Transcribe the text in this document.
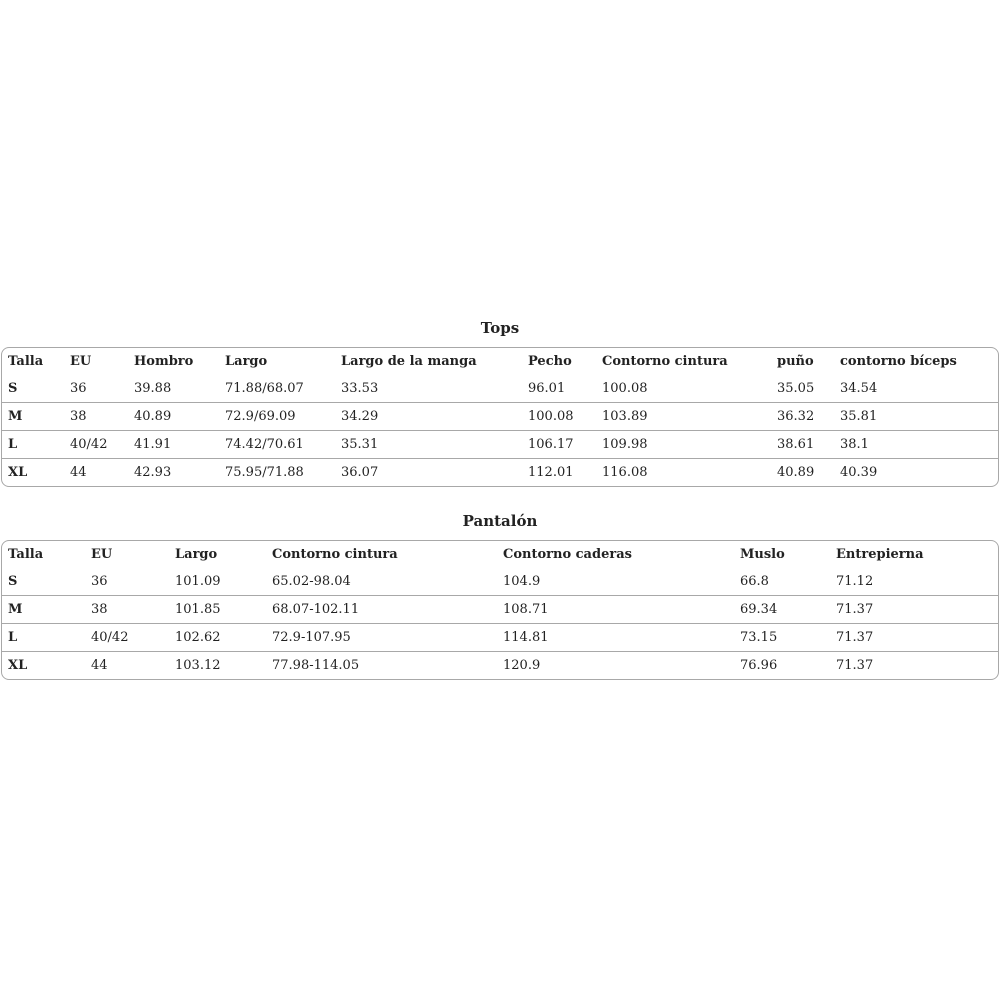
Tops
Talla	EU	Hombro	Largo	Largo de la manga	Pecho	Contorno cintura	puño	contorno bíceps
S	36	39.88	71.88/68.07	33.53	96.01	100.08	35.05	34.54
M	38	40.89	72.9/69.09	34.29	100.08	103.89	36.32	35.81
L	40/42	41.91	74.42/70.61	35.31	106.17	109.98	38.61	38.1
XL	44	42.93	75.95/71.88	36.07	112.01	116.08	40.89	40.39
Pantalón
Talla	EU	Largo	Contorno cintura	Contorno caderas	Muslo	Entrepierna
S	36	101.09	65.02-98.04	104.9	66.8	71.12
M	38	101.85	68.07-102.11	108.71	69.34	71.37
L	40/42	102.62	72.9-107.95	114.81	73.15	71.37
XL	44	103.12	77.98-114.05	120.9	76.96	71.37
